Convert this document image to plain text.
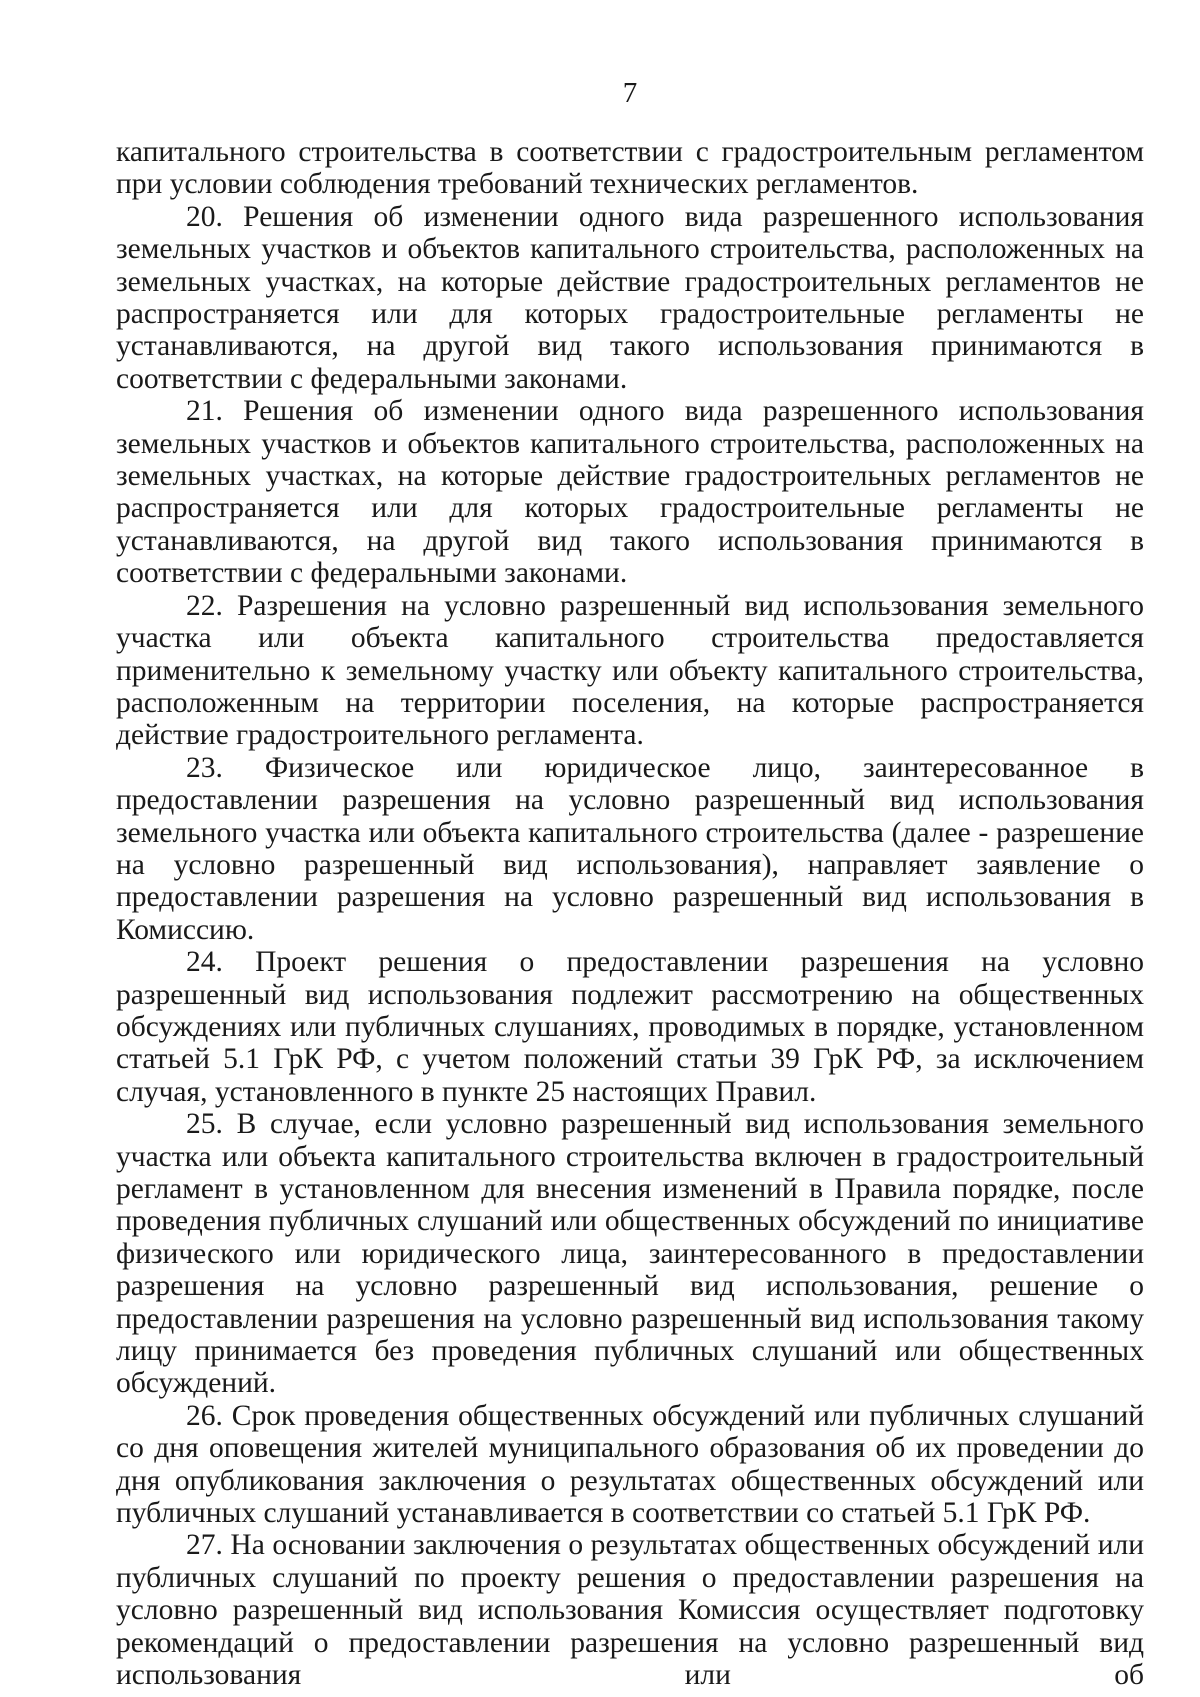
7

капитального строительства в соответствии с градостроительным регламентом при условии соблюдения требований технических регламентов.

20. Решения об изменении одного вида разрешенного использования земельных участков и объектов капитального строительства, расположенных на земельных участках, на которые действие градостроительных регламентов не распространяется или для которых градостроительные регламенты не устанавливаются, на другой вид такого использования принимаются в соответствии с федеральными законами.

21. Решения об изменении одного вида разрешенного использования земельных участков и объектов капитального строительства, расположенных на земельных участках, на которые действие градостроительных регламентов не распространяется или для которых градостроительные регламенты не устанавливаются, на другой вид такого использования принимаются в соответствии с федеральными законами.

22. Разрешения на условно разрешенный вид использования земельного участка или объекта капитального строительства предоставляется применительно к земельному участку или объекту капитального строительства, расположенным на территории поселения, на которые распространяется действие градостроительного регламента.

23. Физическое или юридическое лицо, заинтересованное в предоставлении разрешения на условно разрешенный вид использования земельного участка или объекта капитального строительства (далее - разрешение на условно разрешенный вид использования), направляет заявление о предоставлении разрешения на условно разрешенный вид использования в Комиссию.

24. Проект решения о предоставлении разрешения на условно разрешенный вид использования подлежит рассмотрению на общественных обсуждениях или публичных слушаниях, проводимых в порядке, установленном статьей 5.1 ГрК РФ, с учетом положений статьи 39 ГрК РФ, за исключением случая, установленного в пункте 25 настоящих Правил.

25. В случае, если условно разрешенный вид использования земельного участка или объекта капитального строительства включен в градостроительный регламент в установленном для внесения изменений в Правила порядке, после проведения публичных слушаний или общественных обсуждений по инициативе физического или юридического лица, заинтересованного в предоставлении разрешения на условно разрешенный вид использования, решение о предоставлении разрешения на условно разрешенный вид использования такому лицу принимается без проведения публичных слушаний или общественных обсуждений.

26. Срок проведения общественных обсуждений или публичных слушаний со дня оповещения жителей муниципального образования об их проведении до дня опубликования заключения о результатах общественных обсуждений или публичных слушаний устанавливается в соответствии со статьей 5.1 ГрК РФ.

27. На основании заключения о результатах общественных обсуждений или публичных слушаний по проекту решения о предоставлении разрешения на условно разрешенный вид использования Комиссия осуществляет подготовку рекомендаций о предоставлении разрешения на условно разрешенный вид использования или об
